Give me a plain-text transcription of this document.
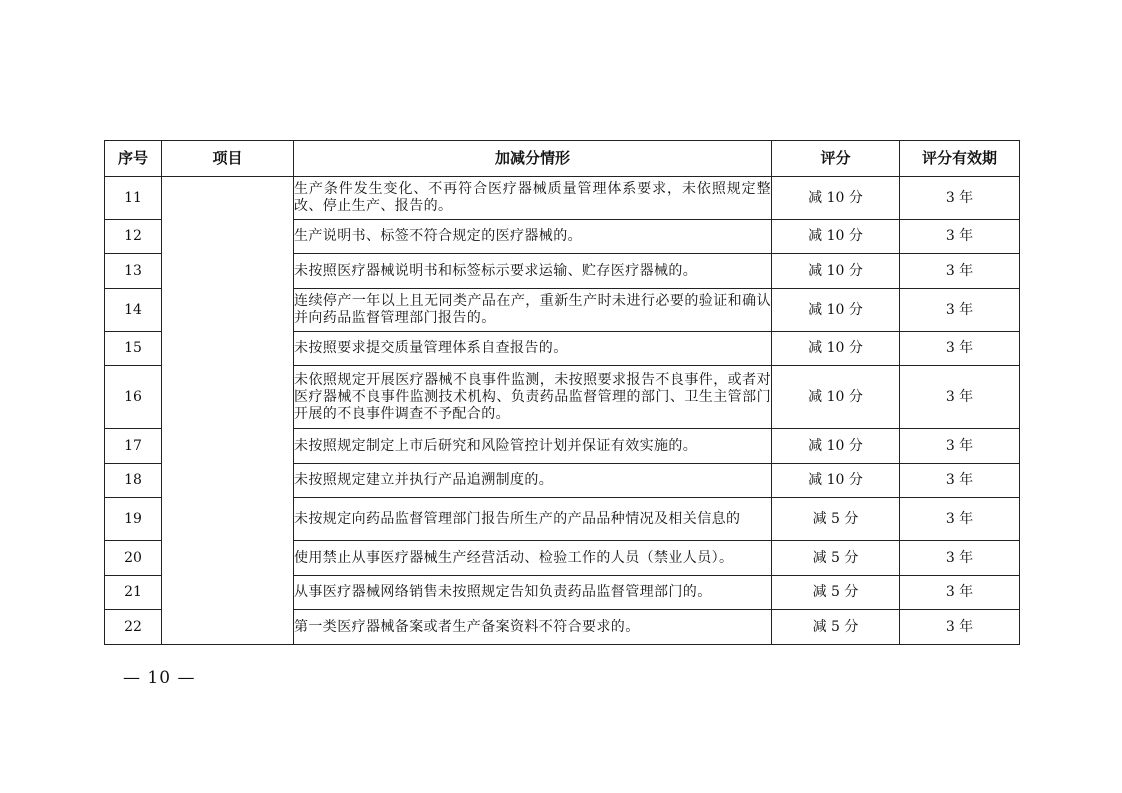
序号	项目	加减分情形	评分	评分有效期
11		生产条件发生变化、不再符合医疗器械质量管理体系要求，未依照规定整改、停止生产、报告的。	减 10 分	3 年
12		生产说明书、标签不符合规定的医疗器械的。	减 10 分	3 年
13		未按照医疗器械说明书和标签标示要求运输、贮存医疗器械的。	减 10 分	3 年
14		连续停产一年以上且无同类产品在产，重新生产时未进行必要的验证和确认并向药品监督管理部门报告的。	减 10 分	3 年
15		未按照要求提交质量管理体系自查报告的。	减 10 分	3 年
16		未依照规定开展医疗器械不良事件监测，未按照要求报告不良事件，或者对医疗器械不良事件监测技术机构、负责药品监督管理的部门、卫生主管部门开展的不良事件调查不予配合的。	减 10 分	3 年
17		未按照规定制定上市后研究和风险管控计划并保证有效实施的。	减 10 分	3 年
18		未按照规定建立并执行产品追溯制度的。	减 10 分	3 年
19		未按规定向药品监督管理部门报告所生产的产品品种情况及相关信息的	减 5 分	3 年
20		使用禁止从事医疗器械生产经营活动、检验工作的人员（禁业人员）。	减 5 分	3 年
21		从事医疗器械网络销售未按照规定告知负责药品监督管理部门的。	减 5 分	3 年
22		第一类医疗器械备案或者生产备案资料不符合要求的。	减 5 分	3 年
— 10 —
